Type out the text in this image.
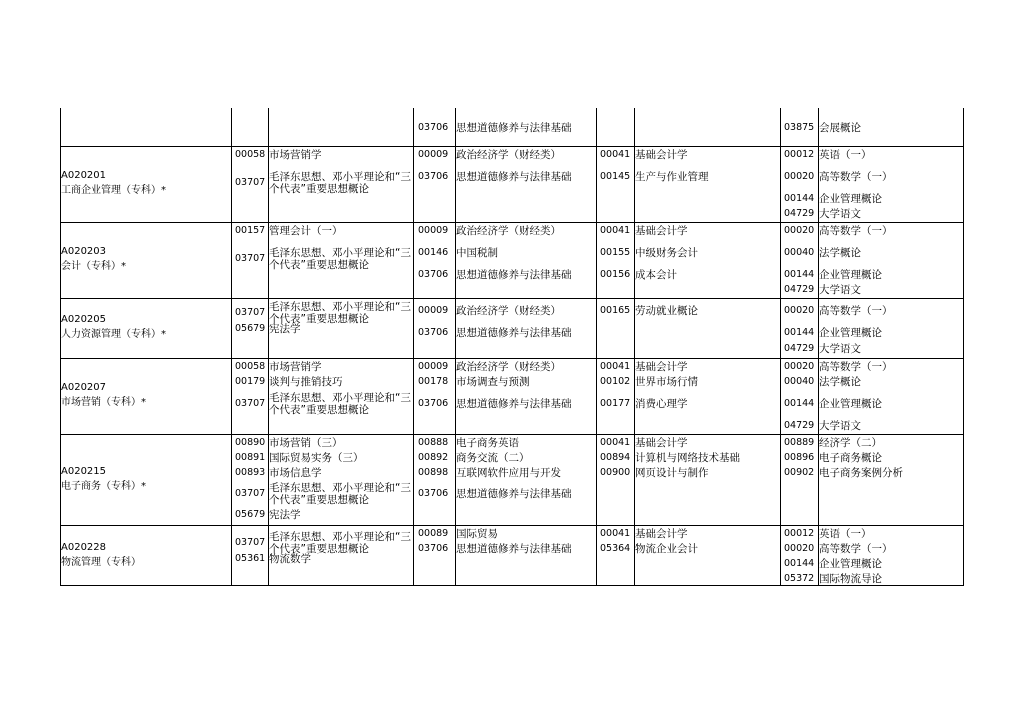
03706 思想道德修养与法律基础	03875 会展概论
A020201
工商企业管理（专科）*
00058 市场营销学
03707 毛泽东思想、邓小平理论和“三
个代表”重要思想概论
00009 政治经济学（财经类）
03706 思想道德修养与法律基础
00041 基础会计学
00145 生产与作业管理
00012 英语（一）
00020 高等数学（一）
00144 企业管理概论
04729 大学语文
A020203
会计（专科）*
00157 管理会计（一）
03707 毛泽东思想、邓小平理论和“三
个代表”重要思想概论
00009 政治经济学（财经类）
00146 中国税制
03706 思想道德修养与法律基础
00041 基础会计学
00155 中级财务会计
00156 成本会计
00020 高等数学（一）
00040 法学概论
00144 企业管理概论
04729 大学语文
A020205
人力资源管理（专科）*
03707 毛泽东思想、邓小平理论和“三
个代表”重要思想概论
05679 宪法学
00009 政治经济学（财经类）
03706 思想道德修养与法律基础
00165 劳动就业概论	00020 高等数学（一）
00144 企业管理概论
04729 大学语文
A020207
市场营销（专科）*
00058 市场营销学
00179 谈判与推销技巧
03707 毛泽东思想、邓小平理论和“三
个代表”重要思想概论
00009 政治经济学（财经类）
00178 市场调查与预测
03706 思想道德修养与法律基础
00041 基础会计学
00102 世界市场行情
00177 消费心理学
00020 高等数学（一）
00040 法学概论
00144 企业管理概论
04729 大学语文
A020215
电子商务（专科）*
00890 市场营销（三）
00891 国际贸易实务（三）
00893 市场信息学
03707 毛泽东思想、邓小平理论和“三
个代表”重要思想概论
05679 宪法学
00888 电子商务英语
00892 商务交流（二）
00898 互联网软件应用与开发
03706 思想道德修养与法律基础
00041 基础会计学
00894 计算机与网络技术基础
00900 网页设计与制作
00889 经济学（二）
00896 电子商务概论
00902 电子商务案例分析
A020228
物流管理（专科）
03707 毛泽东思想、邓小平理论和“三
个代表”重要思想概论
05361 物流数学
00089 国际贸易
03706 思想道德修养与法律基础
00041 基础会计学
05364 物流企业会计
00012 英语（一）
00020 高等数学（一）
00144 企业管理概论
05372 国际物流导论
